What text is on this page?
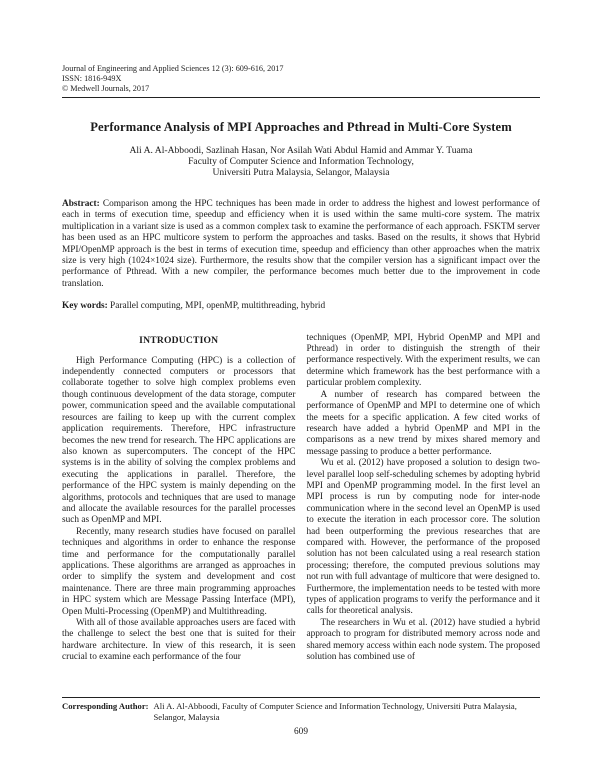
Journal of Engineering and Applied Sciences 12 (3): 609-616, 2017
ISSN: 1816-949X
© Medwell Journals, 2017
Performance Analysis of MPI Approaches and Pthread in Multi-Core System
Ali A. Al-Abboodi, Sazlinah Hasan, Nor Asilah Wati Abdul Hamid and Ammar Y. Tuama
Faculty of Computer Science and Information Technology,
Universiti Putra Malaysia, Selangor, Malaysia

Abstract: Comparison among the HPC techniques has been made in order to address the highest and lowest performance of each in terms of execution time, speedup and efficiency when it is used within the same multi-core system. The matrix multiplication in a variant size is used as a common complex task to examine the performance of each approach. FSKTM server has been used as an HPC multicore system to perform the approaches and tasks. Based on the results, it shows that Hybrid MPI/OpenMP approach is the best in terms of execution time, speedup and efficiency than other approaches when the matrix size is very high (1024×1024 size). Furthermore, the results show that the compiler version has a significant impact over the performance of Pthread. With a new compiler, the performance becomes much better due to the improvement in code translation.

Key words: Parallel computing, MPI, openMP, multithreading, hybrid

INTRODUCTION

High Performance Computing (HPC) is a collection of independently connected computers or processors that collaborate together to solve high complex problems even though continuous development of the data storage, computer power, communication speed and the available computational resources are failing to keep up with the current complex application requirements. Therefore, HPC infrastructure becomes the new trend for research. The HPC applications are also known as supercomputers. The concept of the HPC systems is in the ability of solving the complex problems and executing the applications in parallel. Therefore, the performance of the HPC system is mainly depending on the algorithms, protocols and techniques that are used to manage and allocate the available resources for the parallel processes such as OpenMP and MPI.

Recently, many research studies have focused on parallel techniques and algorithms in order to enhance the response time and performance for the computationally parallel applications. These algorithms are arranged as approaches in order to simplify the system and development and cost maintenance. There are three main programming approaches in HPC system which are Message Passing Interface (MPI), Open Multi-Processing (OpenMP) and Multithreading.

With all of those available approaches users are faced with the challenge to select the best one that is suited for their hardware architecture. In view of this research, it is seen crucial to examine each performance of the four

techniques (OpenMP, MPI, Hybrid OpenMP and MPI and Pthread) in order to distinguish the strength of their performance respectively. With the experiment results, we can determine which framework has the best performance with a particular problem complexity.

A number of research has compared between the performance of OpenMP and MPI to determine one of which the meets for a specific application. A few cited works of research have added a hybrid OpenMP and MPI in the comparisons as a new trend by mixes shared memory and message passing to produce a better performance.

Wu et al. (2012) have proposed a solution to design two-level parallel loop self-scheduling schemes by adopting hybrid MPI and OpenMP programming model. In the first level an MPI process is run by computing node for inter-node communication where in the second level an OpenMP is used to execute the iteration in each processor core. The solution had been outperforming the previous researches that are compared with. However, the performance of the proposed solution has not been calculated using a real research station processing; therefore, the computed previous solutions may not run with full advantage of multicore that were designed to. Furthermore, the implementation needs to be tested with more types of application programs to verify the performance and it calls for theoretical analysis.

The researchers in Wu et al. (2012) have studied a hybrid approach to program for distributed memory across node and shared memory access within each node system. The proposed solution has combined use of

Corresponding Author: Ali A. Al-Abboodi, Faculty of Computer Science and Information Technology, Universiti Putra Malaysia, Selangor, Malaysia
609
